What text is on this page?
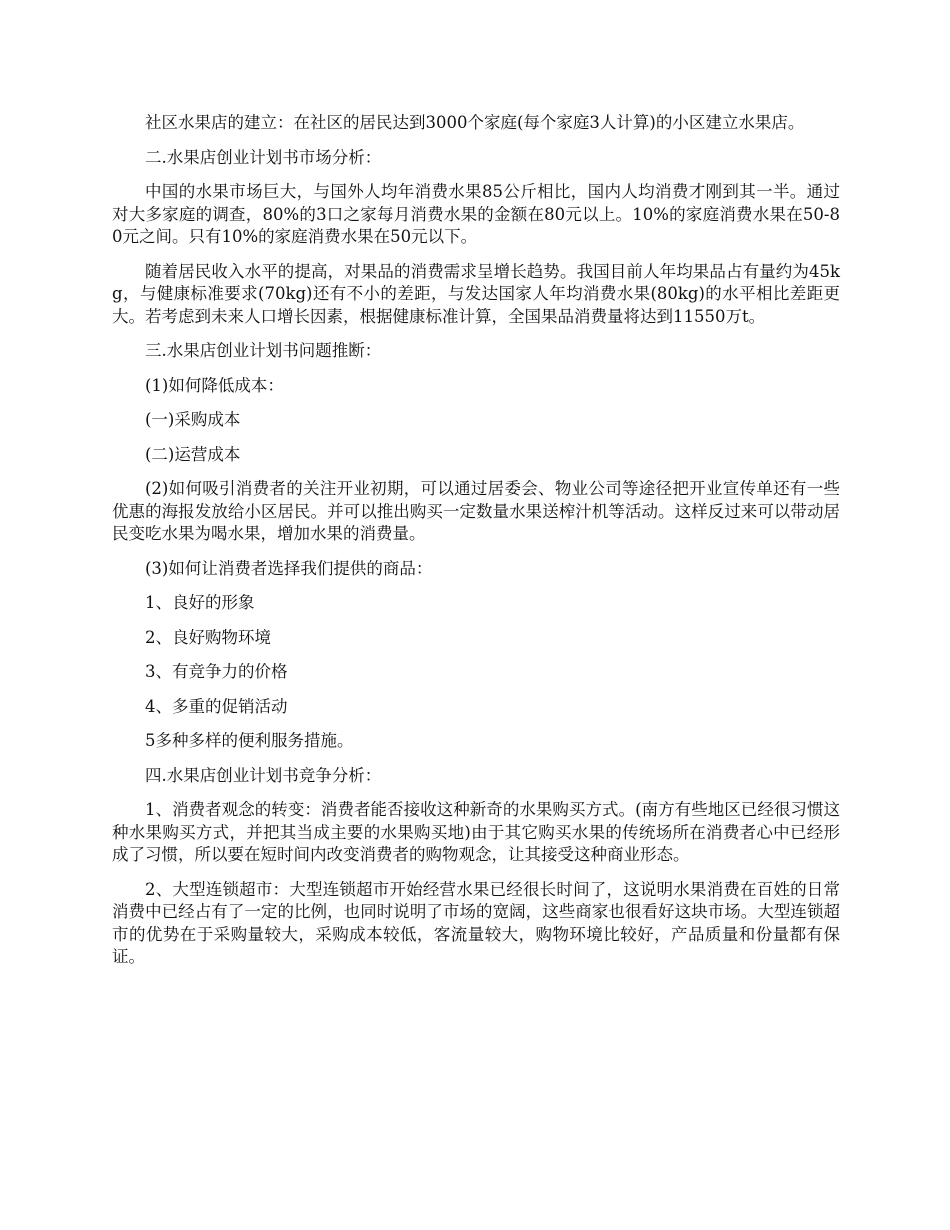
社区水果店的建立：在社区的居民达到3000个家庭(每个家庭3人计算)的小区建立水果店。

二.水果店创业计划书市场分析：

中国的水果市场巨大，与国外人均年消费水果85公斤相比，国内人均消费才刚到其一半。通过对大多家庭的调查，80%的3口之家每月消费水果的金额在80元以上。10%的家庭消费水果在50-80元之间。只有10%的家庭消费水果在50元以下。

随着居民收入水平的提高，对果品的消费需求呈增长趋势。我国目前人年均果品占有量约为45kg，与健康标准要求(70kg)还有不小的差距，与发达国家人年均消费水果(80kg)的水平相比差距更大。若考虑到未来人口增长因素，根据健康标准计算，全国果品消费量将达到11550万t。

三.水果店创业计划书问题推断：

(1)如何降低成本：

(一)采购成本

(二)运营成本

(2)如何吸引消费者的关注开业初期，可以通过居委会、物业公司等途径把开业宣传单还有一些优惠的海报发放给小区居民。并可以推出购买一定数量水果送榨汁机等活动。这样反过来可以带动居民变吃水果为喝水果，增加水果的消费量。

(3)如何让消费者选择我们提供的商品：

1、良好的形象

2、良好购物环境

3、有竞争力的价格

4、多重的促销活动

5多种多样的便利服务措施。

四.水果店创业计划书竞争分析：

1、消费者观念的转变：消费者能否接收这种新奇的水果购买方式。(南方有些地区已经很习惯这种水果购买方式，并把其当成主要的水果购买地)由于其它购买水果的传统场所在消费者心中已经形成了习惯，所以要在短时间内改变消费者的购物观念，让其接受这种商业形态。

2、大型连锁超市：大型连锁超市开始经营水果已经很长时间了，这说明水果消费在百姓的日常消费中已经占有了一定的比例，也同时说明了市场的宽阔，这些商家也很看好这块市场。大型连锁超市的优势在于采购量较大，采购成本较低，客流量较大，购物环境比较好，产品质量和份量都有保证。
